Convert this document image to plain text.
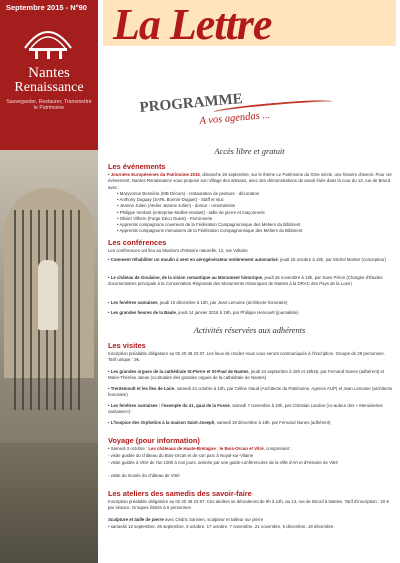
Septembre 2015 - N°90
Nantes
Renaissance
Sauvegarder, Restaurer, Transmettre le Patrimoine
La Lettre
PROGRAMME
A vos agendas ...
Accès libre et gratuit
Les événements
• Journées Européennes du Patrimoine 2015, dimanche 20 septembre, sur le thème Le Patrimoine du XXIe siècle, une histoire d'avenir. Pour cet évènement, Nantes Renaissance vous propose son Village des artisans, avec des démonstrations de savoir-faire dans la cour du 13, rue de Briord avec :
• Maryvonne Besnière (MB Décors) - restauration de peinture - décoration
• Anthony Duguay (SARL Bonnin-Duguet) - Staff et stuc
• Jeanne Julien (Atelier Jeanne Julien) - doreur - ornemaniste
• Philippe Verdant (entreprise Moillet-Verdant) - taille de pierre et maçonnerie
• Olivier Vilhem (Forge Déco Ouest) - Ferronnerie
• Apprentis compagnons couvreurs de la Fédération Compagnonnique des Métiers du Bâtiment
• Apprentis compagnons menuisiers de la Fédération Compagnonnique des Métiers du Bâtiment
Les conférences
Les conférences ont lieu au Muséum d'Histoire naturelle, 12, rue Voltaire
• Comment réhabiliter un moulin à vent en aérogénérateur entièrement automatisé, jeudi 15 octobre à 18h, par Michel Mortier (concepteur)
• Le château de Goulaine, de la vision romantique au Monument historique, jeudi 26 novembre à 18h, par Soen Péron (Chargée d'Études documentaires principale à la Conservation Régionale des Monuments Historiques de Nantes à la DRAC des Pays de la Loire)
• Les fenêtres nantaises, jeudi 10 décembre à 18h, par Jean Lemoine (architecte honoraire)
• Les grandes heures de la Baule, jeudi 14 janvier 2016 à 19h, par Philippe Hervouët (journaliste)
Activités réservées aux adhérents
Les visites
Inscription préalable obligatoire au 02 40 48 23 87. Les lieux de rendez-vous vous seront communiqués à l'inscription. Groupe de 25 personnes. Tarif unique : 3€.
• Les grandes orgues de la cathédrale St-Pierre et St-Paul de Nantes, jeudi 24 septembre à 18h et 18h45, par Fernand Nunes (adhérent) et Marie-Thérèse Janan (co-titulaire des grandes orgues de la cathédrale de Nantes)
• Trentemoult et les îles de Loire, samedi 24 octobre à 10h, par Céline Viaud (Architecte du Patrimoine, Agence AUP) et Jean Lemoine (architecte honoraire)
• Les fenêtres nantaises : l'exemple du 41, quai de la Fosse, samedi 7 novembre à 10h, par Christian Landon (co-auteur des « Menuiseries nantaises»)
• L'hospice des Orphelins à la maison Saint-Joseph, samedi 19 décembre à 18h, par Fernand Nunes (adhérent)
Voyage (pour information)
• Samedi 3 octobre : Les châteaux de Haute-Bretagne : le Bois-Orcan et Vitré, comprenant :
- visite guidée du château du Bois-Orcan et de son parc à Noyal-sur-Vilaine
- visite guidée à Vitré de l'an 1000 à nos jours, animée par une guide-conférencière de la Ville d'Art et d'Histoire de Vitré
- visite du musée du château de Vitré
Les ateliers des samedis des savoir-faire
Inscription préalable obligatoire au 02 40 48 23 87. Ces ateliers se dérouleront de 9h à 12h, au 13, rue de Briord à Nantes. Tarif d'inscription : 20 € par séance. Groupes limités à 6 personnes
Sculpture et taille de pierre avec Cédric Sarivien, sculpteur et tailleur sur pierre
• samedis 12 septembre, 26 septembre, 3 octobre, 17 octobre, 7 novembre, 21 novembre, 5 décembre, 19 décembre.
